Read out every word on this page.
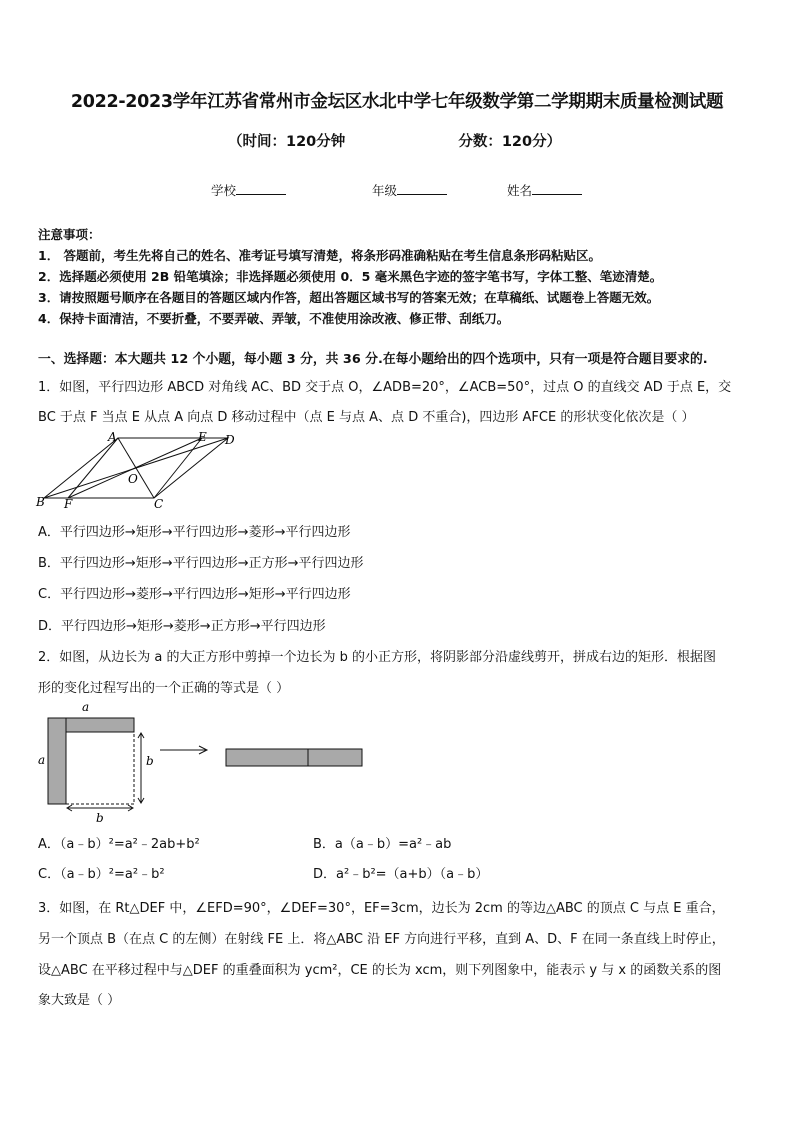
2022-2023学年江苏省常州市金坛区水北中学七年级数学第二学期期末质量检测试题
（时间：120分钟	分数：120分）
学校	年级	姓名
注意事项：
1． 答题前，考生先将自己的姓名、准考证号填写清楚，将条形码准确粘贴在考生信息条形码粘贴区。
2．选择题必须使用 2B 铅笔填涂；非选择题必须使用 0．5 毫米黑色字迹的签字笔书写，字体工整、笔迹清楚。
3．请按照题号顺序在各题目的答题区域内作答，超出答题区域书写的答案无效；在草稿纸、试题卷上答题无效。
4．保持卡面清洁，不要折叠，不要弄破、弄皱，不准使用涂改液、修正带、刮纸刀。
一、选择题：本大题共 12 个小题，每小题 3 分，共 36 分.在每小题给出的四个选项中，只有一项是符合题目要求的.
1．如图，平行四边形 ABCD 对角线 AC、BD 交于点 O，∠ADB=20°，∠ACB=50°，过点 O 的直线交 AD 于点 E，交
BC 于点 F 当点 E 从点 A 向点 D 移动过程中（点 E 与点 A、点 D 不重合)，四边形 AFCE 的形状变化依次是（ ）
A	E D
O
B F	C
A．平行四边形→矩形→平行四边形→菱形→平行四边形
B．平行四边形→矩形→平行四边形→正方形→平行四边形
C．平行四边形→菱形→平行四边形→矩形→平行四边形
D．平行四边形→矩形→菱形→正方形→平行四边形
2．如图，从边长为 a 的大正方形中剪掉一个边长为 b 的小正方形，将阴影部分沿虚线剪开，拼成右边的矩形．根据图
形的变化过程写出的一个正确的等式是（ ）
a
a	b
b
A．（a﹣b）²=a²﹣2ab+b²	B．a（a﹣b）=a²﹣ab
C．（a﹣b）²=a²﹣b²	D．a²﹣b²=（a+b）（a﹣b）
3．如图，在 Rt△DEF 中，∠EFD=90°，∠DEF=30°，EF=3cm，边长为 2cm 的等边△ABC 的顶点 C 与点 E 重合，
另一个顶点 B（在点 C 的左侧）在射线 FE 上．将△ABC 沿 EF 方向进行平移，直到 A、D、F 在同一条直线上时停止，
设△ABC 在平移过程中与△DEF 的重叠面积为 ycm²，CE 的长为 xcm，则下列图象中，能表示 y 与 x 的函数关系的图
象大致是（ ）
